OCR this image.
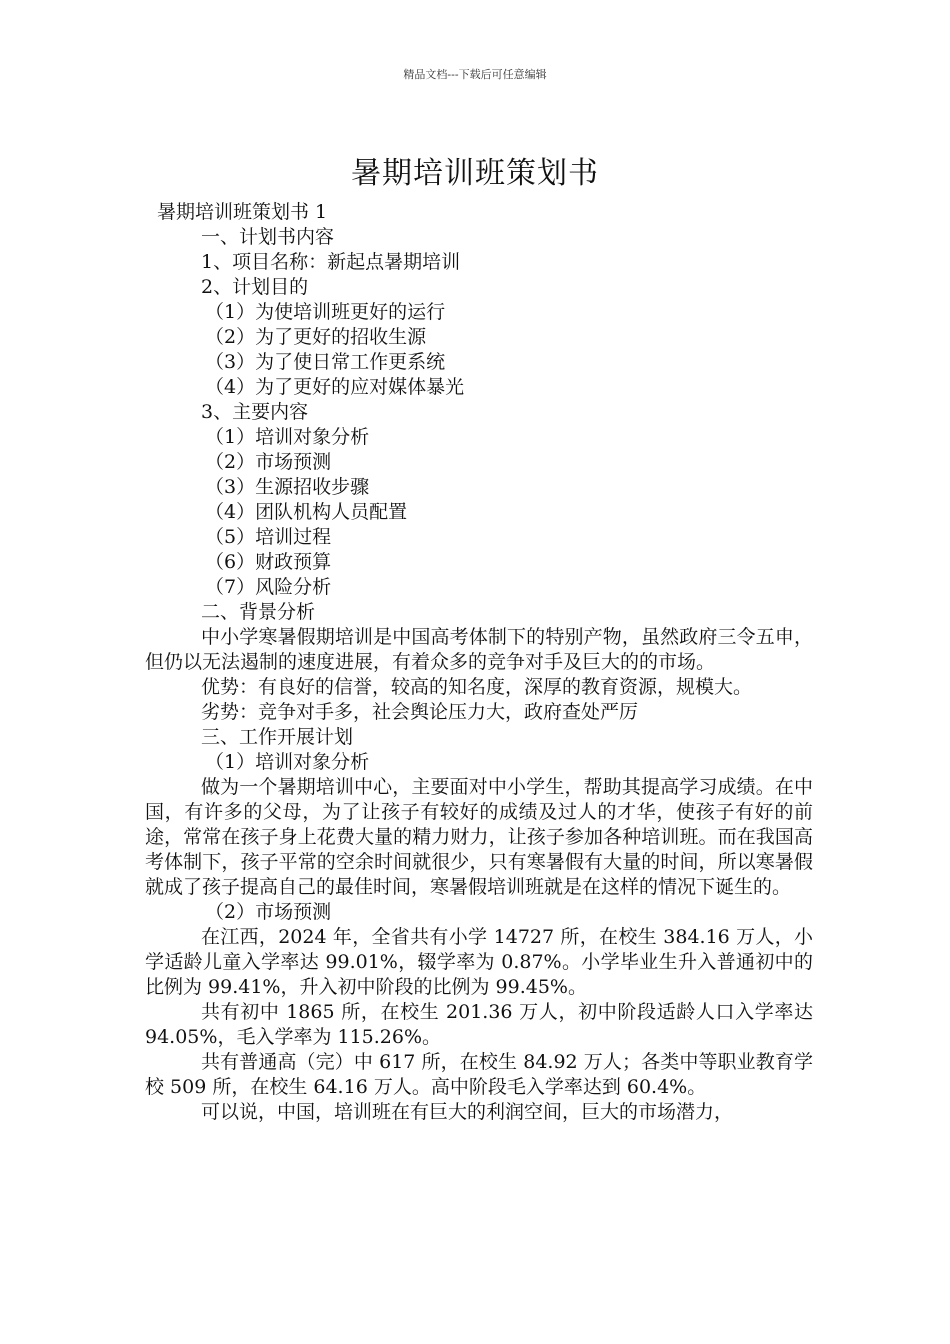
精品文档---下载后可任意编辑
暑期培训班策划书
暑期培训班策划书 1
一、计划书内容
1、项目名称：新起点暑期培训
2、计划目的
（1）为使培训班更好的运行
（2）为了更好的招收生源
（3）为了使日常工作更系统
（4）为了更好的应对媒体暴光
3、主要内容
（1）培训对象分析
（2）市场预测
（3）生源招收步骤
（4）团队机构人员配置
（5）培训过程
（6）财政预算
（7）风险分析
二、背景分析
中小学寒暑假期培训是中国高考体制下的特别产物，虽然政府三令五申，但仍以无法遏制的速度进展，有着众多的竞争对手及巨大的的市场。
优势：有良好的信誉，较高的知名度，深厚的教育资源，规模大。
劣势：竞争对手多，社会舆论压力大，政府查处严厉
三、工作开展计划
（1）培训对象分析
做为一个暑期培训中心，主要面对中小学生，帮助其提高学习成绩。在中国，有许多的父母，为了让孩子有较好的成绩及过人的才华，使孩子有好的前途，常常在孩子身上花费大量的精力财力，让孩子参加各种培训班。而在我国高考体制下，孩子平常的空余时间就很少，只有寒暑假有大量的时间，所以寒暑假就成了孩子提高自己的最佳时间，寒暑假培训班就是在这样的情况下诞生的。
（2）市场预测
在江西，2024 年，全省共有小学 14727 所，在校生 384.16 万人，小学适龄儿童入学率达 99.01%，辍学率为 0.87%。小学毕业生升入普通初中的比例为 99.41%，升入初中阶段的比例为 99.45%。
共有初中 1865 所，在校生 201.36 万人，初中阶段适龄人口入学率达 94.05%，毛入学率为 115.26%。
共有普通高（完）中 617 所，在校生 84.92 万人；各类中等职业教育学校 509 所，在校生 64.16 万人。高中阶段毛入学率达到 60.4%。
可以说，中国，培训班在有巨大的利润空间，巨大的市场潜力，
